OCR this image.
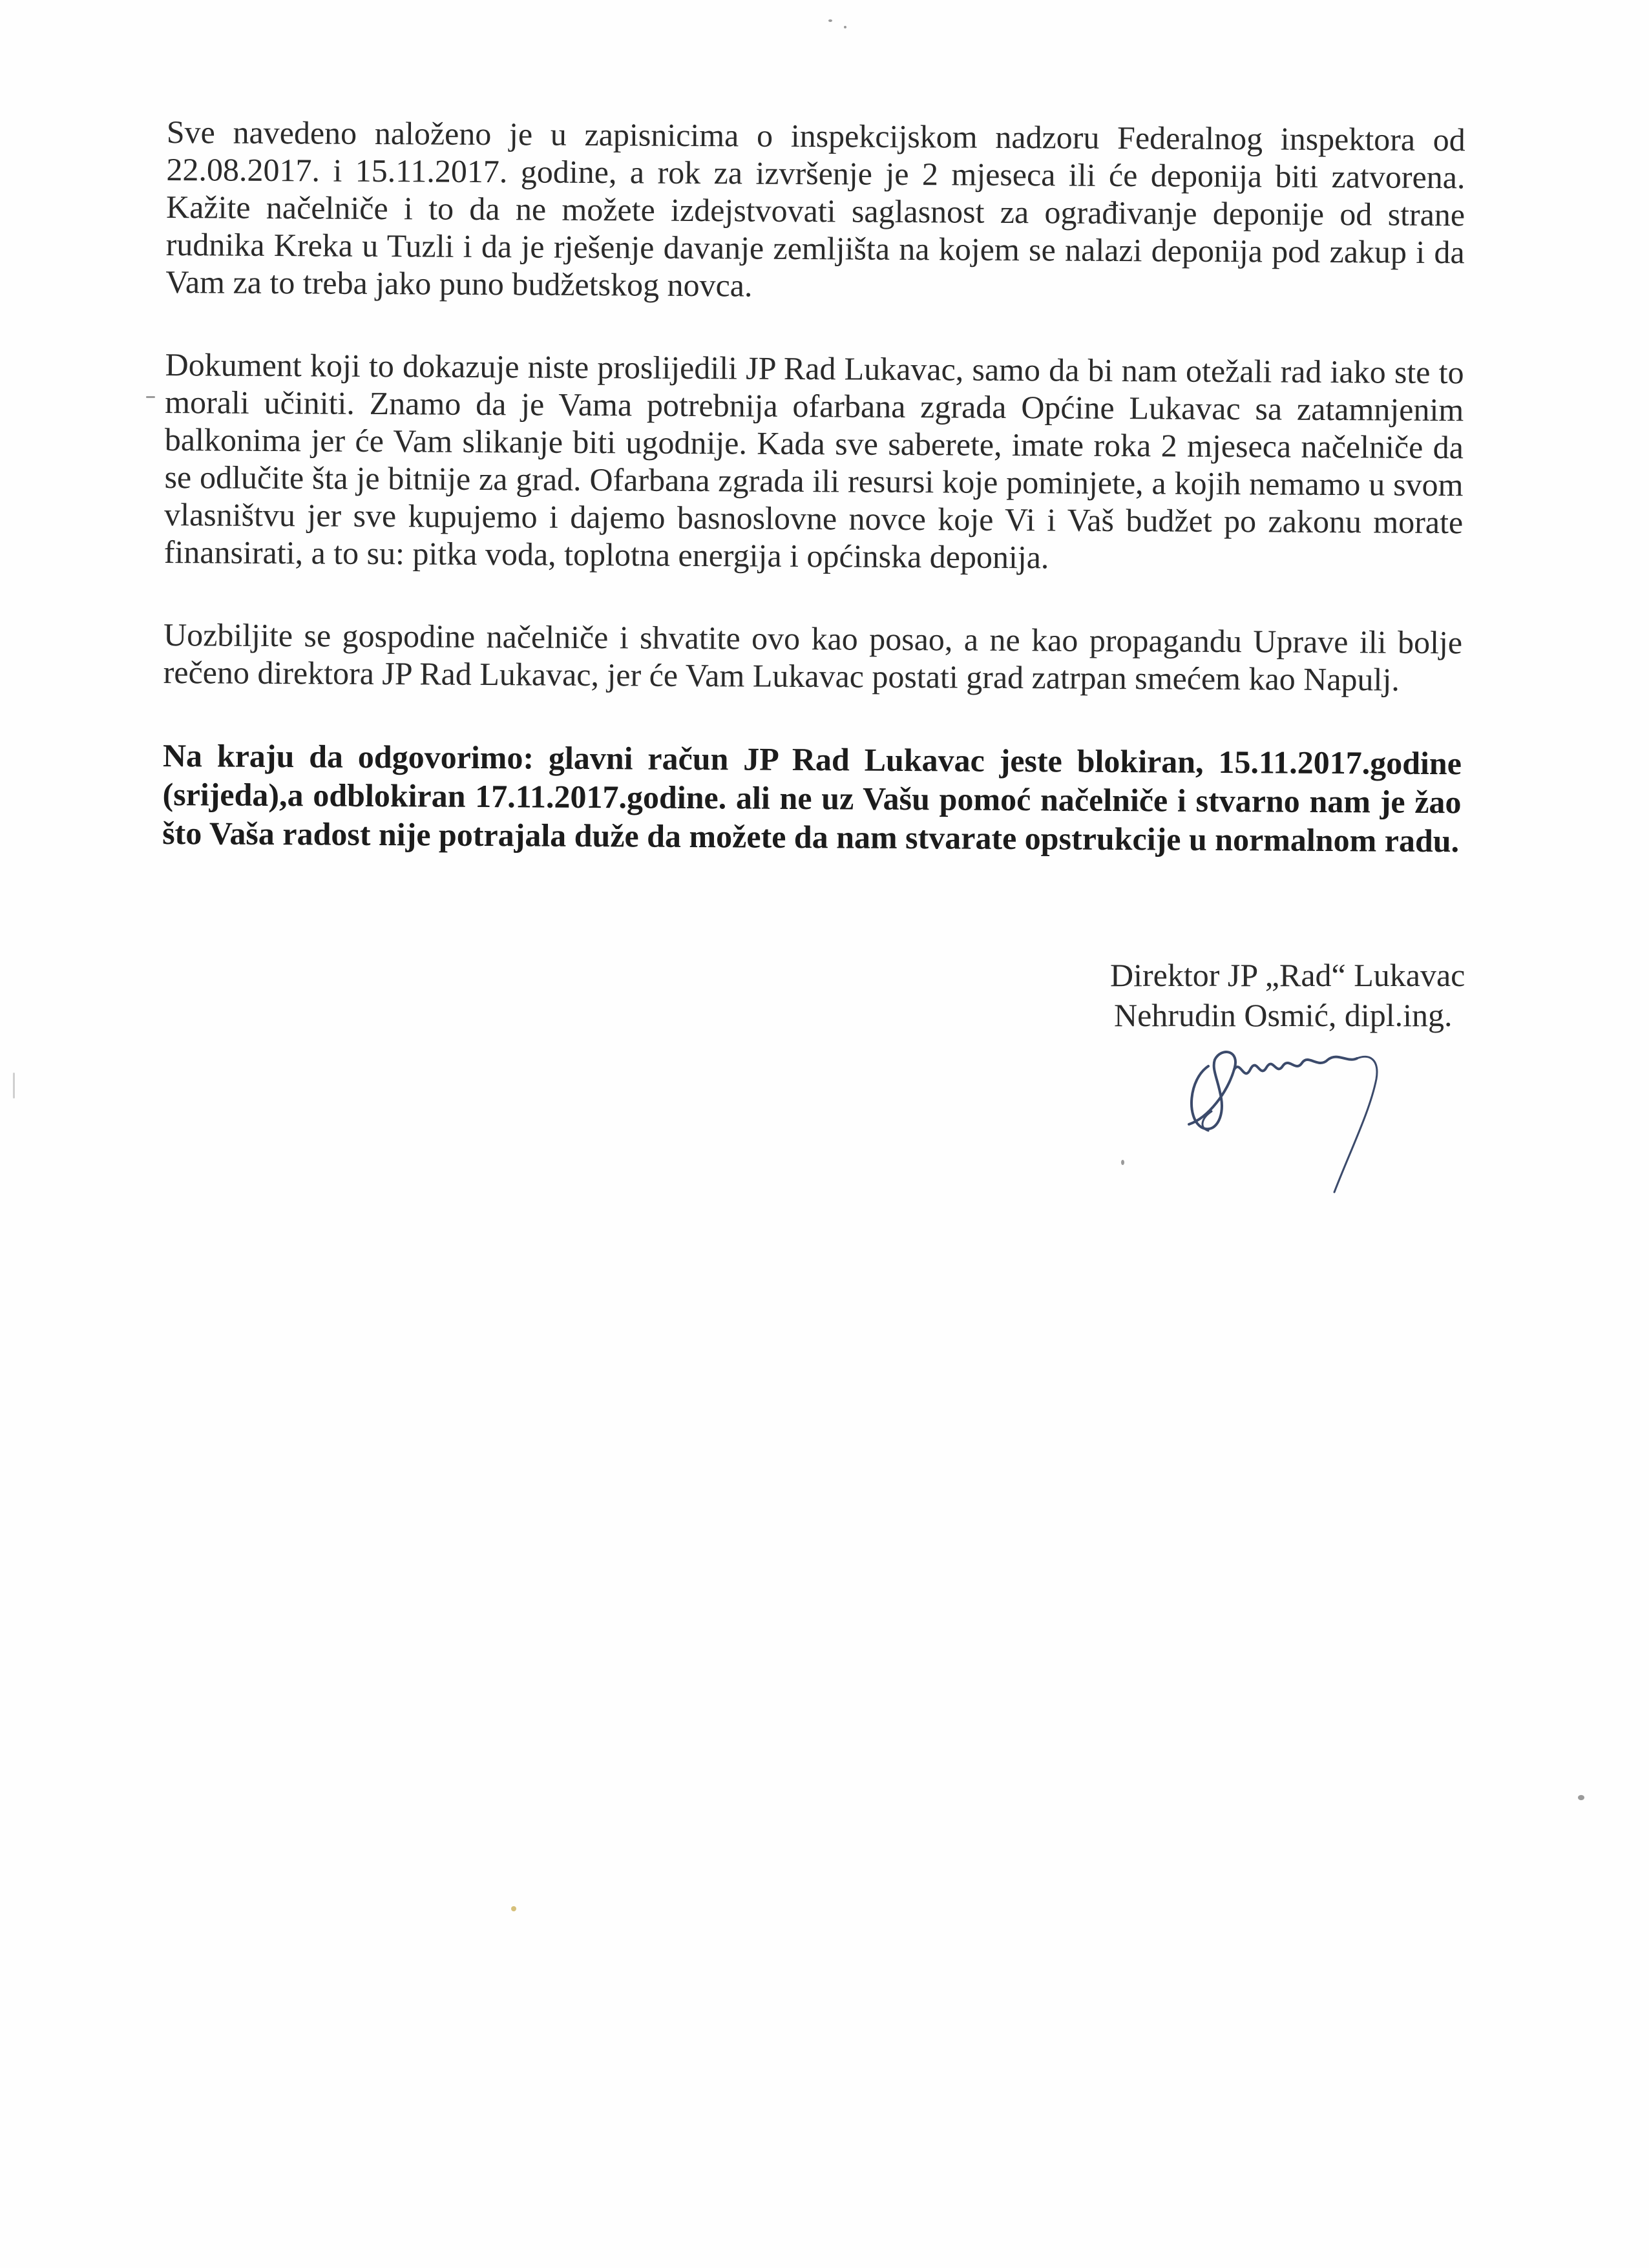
Sve navedeno naloženo je u zapisnicima o inspekcijskom nadzoru Federalnog inspektora od 22.08.2017. i 15.11.2017. godine, a rok za izvršenje je 2 mjeseca ili će deponija biti zatvorena. Kažite načelniče i to da ne možete izdejstvovati saglasnost za ograđivanje deponije od strane rudnika Kreka u Tuzli i da je rješenje davanje zemljišta na kojem se nalazi deponija pod zakup i da Vam za to treba jako puno budžetskog novca.

Dokument koji to dokazuje niste proslijedili JP Rad Lukavac, samo da bi nam otežali rad iako ste to morali učiniti. Znamo da je Vama potrebnija ofarbana zgrada Općine Lukavac sa zatamnjenim balkonima jer će Vam slikanje biti ugodnije. Kada sve saberete, imate roka 2 mjeseca načelniče da se odlučite šta je bitnije za grad. Ofarbana zgrada ili resursi koje pominjete, a kojih nemamo u svom vlasništvu jer sve kupujemo i dajemo basnoslovne novce koje Vi i Vaš budžet po zakonu morate finansirati, a to su: pitka voda, toplotna energija i općinska deponija.

Uozbiljite se gospodine načelniče i shvatite ovo kao posao, a ne kao propagandu Uprave ili bolje rečeno direktora JP Rad Lukavac, jer će Vam Lukavac postati grad zatrpan smećem kao Napulj.

Na kraju da odgovorimo: glavni račun JP Rad Lukavac jeste blokiran, 15.11.2017.godine (srijeda),a odblokiran 17.11.2017.godine. ali ne uz Vašu pomoć načelniče i stvarno nam je žao što Vaša radost nije potrajala duže da možete da nam stvarate opstrukcije u normalnom radu.

Direktor JP „Rad“ Lukavac
Nehrudin Osmić, dipl.ing.
